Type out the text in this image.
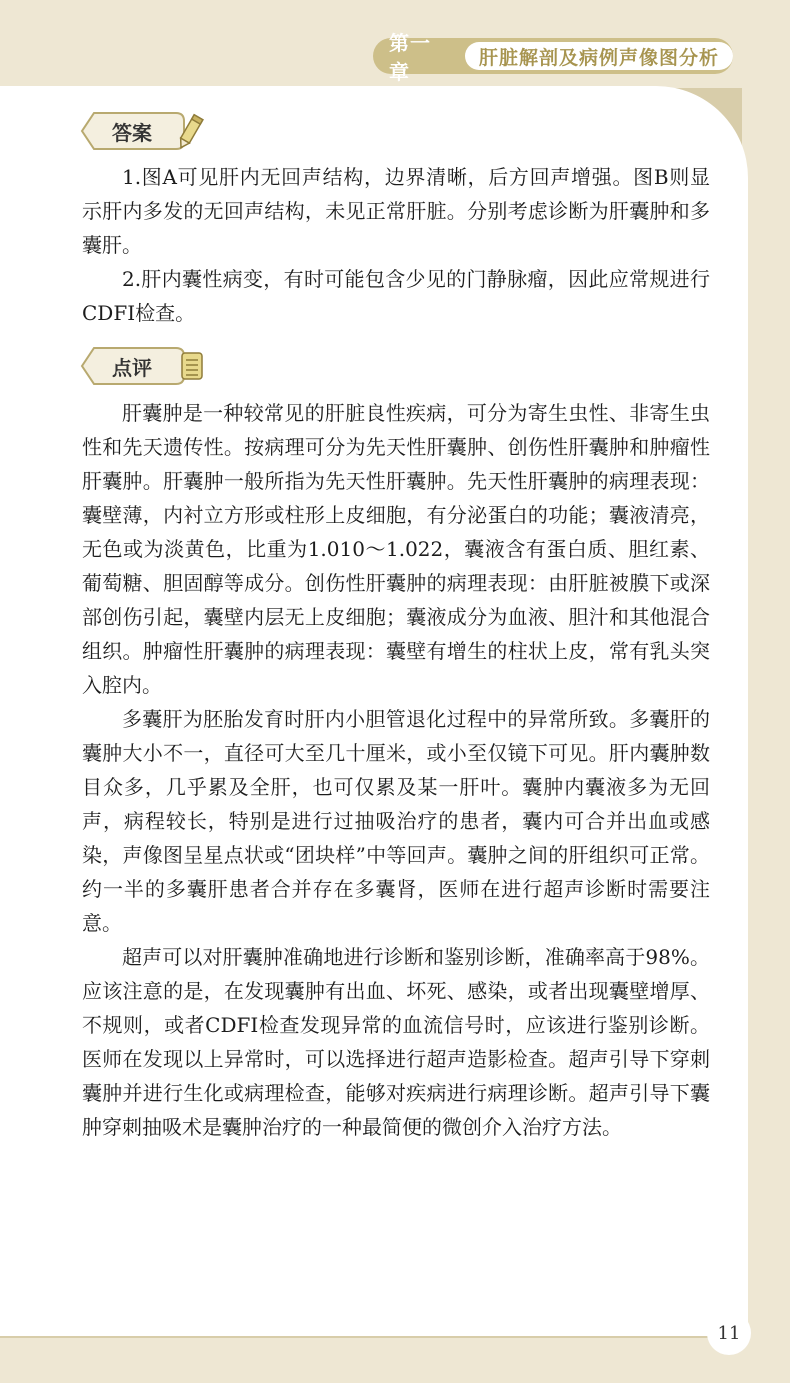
第一章
肝脏解剖及病例声像图分析
答案

1.图A可见肝内无回声结构，边界清晰，后方回声增强。图B则显示肝内多发的无回声结构，未见正常肝脏。分别考虑诊断为肝囊肿和多囊肝。

2.肝内囊性病变，有时可能包含少见的门静脉瘤，因此应常规进行CDFI检查。

点评

肝囊肿是一种较常见的肝脏良性疾病，可分为寄生虫性、非寄生虫性和先天遗传性。按病理可分为先天性肝囊肿、创伤性肝囊肿和肿瘤性肝囊肿。肝囊肿一般所指为先天性肝囊肿。先天性肝囊肿的病理表现：囊壁薄，内衬立方形或柱形上皮细胞，有分泌蛋白的功能；囊液清亮，无色或为淡黄色，比重为1.010～1.022，囊液含有蛋白质、胆红素、葡萄糖、胆固醇等成分。创伤性肝囊肿的病理表现：由肝脏被膜下或深部创伤引起，囊壁内层无上皮细胞；囊液成分为血液、胆汁和其他混合组织。肿瘤性肝囊肿的病理表现：囊壁有增生的柱状上皮，常有乳头突入腔内。

多囊肝为胚胎发育时肝内小胆管退化过程中的异常所致。多囊肝的囊肿大小不一，直径可大至几十厘米，或小至仅镜下可见。肝内囊肿数目众多，几乎累及全肝，也可仅累及某一肝叶。囊肿内囊液多为无回声，病程较长，特别是进行过抽吸治疗的患者，囊内可合并出血或感染，声像图呈星点状或“团块样”中等回声。囊肿之间的肝组织可正常。约一半的多囊肝患者合并存在多囊肾，医师在进行超声诊断时需要注意。

超声可以对肝囊肿准确地进行诊断和鉴别诊断，准确率高于98%。应该注意的是，在发现囊肿有出血、坏死、感染，或者出现囊壁增厚、不规则，或者CDFI检查发现异常的血流信号时，应该进行鉴别诊断。医师在发现以上异常时，可以选择进行超声造影检查。超声引导下穿刺囊肿并进行生化或病理检查，能够对疾病进行病理诊断。超声引导下囊肿穿刺抽吸术是囊肿治疗的一种最简便的微创介入治疗方法。

11
